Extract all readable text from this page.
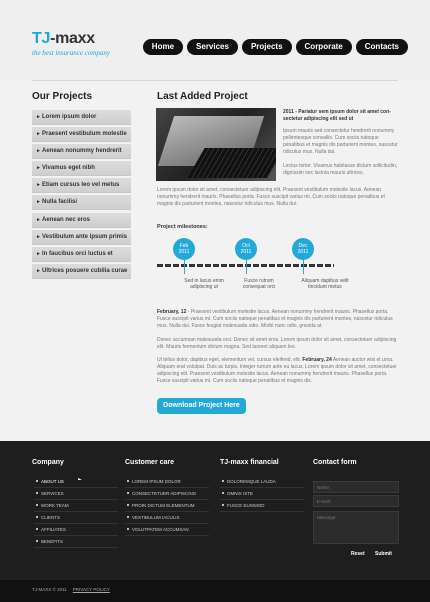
TJ-maxx
the best insurance company
Home	Services	Projects	Corporate	Contacts
Our Projects
► Lorem ipsum dolor
► Praesent vestibulum molestie
► Aenean nonummy hendrerit
► Vivamus eget nibh
► Etiam cursus leo vel metus
► Nulla facilisi
► Aenean nec eros
► Vestibulum ante ipsum primis
► In faucibus orci luctus et
► Ultrices posuere cubilia curae
Last Added Project
2011 - Pariatur sem ipsum dolor sit amet con-sectetur adipiscing elit sed ut
Ipsum mauris sed consectetur hendrerit nonummy pellentesque convallis. Cum sociis natoque penatibus et magnis dis parturient montes, nascetur ridiculus mus. Nulla dui.
Lectus tortor. Vivamus habitasse dictum sollicitudin, dignissim nec lacinia mauris ultrices.
Lorem ipsum dolor sit amet, consectetuer adipiscing elit. Praesent vestibulum molestie lacus. Aenean nonummy hendrerit mauris. Phasellus porta. Fusce suscipit varius mi. Cum sociis natoque penatibus et magnis dis parturient montes, nascetur ridiculus mus. Nulla dui.
Project milestones:
Feb
2011
Sed in lacus enim adipiscing ut
Oct
2011
Fusce rutrum consequat orci
Dec
2011
Aliquam dapibus velit tincidunt metus
February, 12 - Praesent vestibulum molestie lacus. Aenean nonummy hendrerit mauris. Phasellus porta. Fusce suscipit varius mi. Cum sociis natoque penatibus et magnis dis parturient montes, nascetur ridiculus mus. Nulla dui. Fusce feugiat malesuada odio. Morbi nunc odio, gravida at.
Donec accumsan malesuada orci. Donec sit amet eros. Lorem ipsum dolor sit amet, consectetuer adipiscing elit. Mauris fermentum dictum magna. Sed laoreet aliquam leo.
Ut tellus dolor, dapibus eget, elementum vel, cursus eleifend, elit. February, 24 Aenean auctor wisi et urna. Aliquam erat volutpat. Duis ac turpis. Integer rutrum ante eu lacus. Lorem ipsum dolor sit amet, consectetuer adipiscing elit. Praesent vestibulum molestie lacus. Aenean nonummy hendrerit mauris. Phasellus porta. Fusce suscipit varius mi. Cum sociis natoque penatibus et magnis dis.
Download Project Here
Company
ABOUT US
SERVICES
WORK TEAM
CLIENTS
AFFILIATES
BENEFITS
Customer care
LOREM IPSUM DOLOR
CONSECTETUER ADIPISCING
PROIN DICTUM ELEMENTUM
VESTIBULUM IACULIS
VOLUTPATEM ACCUMSAN
TJ-maxx financial
DOLOREMQUE LAUDA
OMNIS ISTE
FUSCE EUISMOD
Contact form
Name:
E-mail:
Message:
Reset Submit
TJ-MAXX © 2011 PRIVACY POLICY
